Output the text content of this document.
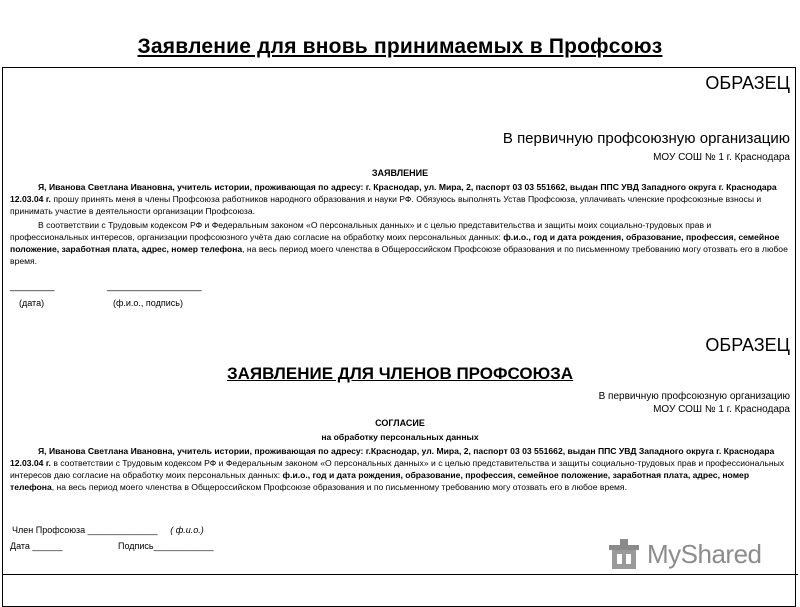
Заявление для вновь принимаемых в Профсоюз
ОБРАЗЕЦ
В первичную профсоюзную организацию
МОУ СОШ № 1 г. Краснодара
ЗАЯВЛЕНИЕ
Я, Иванова Светлана Ивановна, учитель истории, проживающая по адресу: г. Краснодар, ул. Мира, 2, паспорт 03 03 551662, выдан ППС УВД Западного округа г. Краснодара 12.03.04 г. прошу принять меня в члены Профсоюза работников народного образования и науки РФ. Обязуюсь выполнять Устав Профсоюза, уплачивать членские профсоюзные взносы и принимать участие в деятельности организации Профсоюза.
В соответствии с Трудовым кодексом РФ и Федеральным законом «О персональных данных» и с целью представительства и защиты моих социально-трудовых прав и профессиональных интересов, организации профсоюзного учёта даю согласие на обработку моих персональных данных: ф.и.о., год и дата рождения, образование, профессия, семейное положение, заработная плата, адрес, номер телефона, на весь период моего членства в Общероссийском Профсоюзе образования и по письменному требованию могу отозвать его в любое время.
________	_________________
(дата)	(ф.и.о., подпись)
ОБРАЗЕЦ
ЗАЯВЛЕНИЕ ДЛЯ ЧЛЕНОВ ПРОФСОЮЗА
В первичную профсоюзную организацию
МОУ СОШ № 1 г. Краснодара
СОГЛАСИЕ
на обработку персональных данных
Я, Иванова Светлана Ивановна, учитель истории, проживающая по адресу: г.Краснодар, ул. Мира, 2, паспорт 03 03 551662, выдан ППС УВД Западного округа г. Краснодара 12.03.04 г. в соответствии с Трудовым кодексом РФ и Федеральным законом «О персональных данных» и с целью представительства и защиты социально-трудовых прав и профессиональных интересов даю согласие на обработку моих персональных данных: ф.и.о., год и дата рождения, образование, профессия, семейное положение, заработная плата, адрес, номер телефона, на весь период моего членства в Общероссийском Профсоюзе образования и по письменному требованию могу отозвать его в любое время.
Член Профсоюза ______________ ( ф.и.о.)
Дата ______	Подпись____________	MyShared
